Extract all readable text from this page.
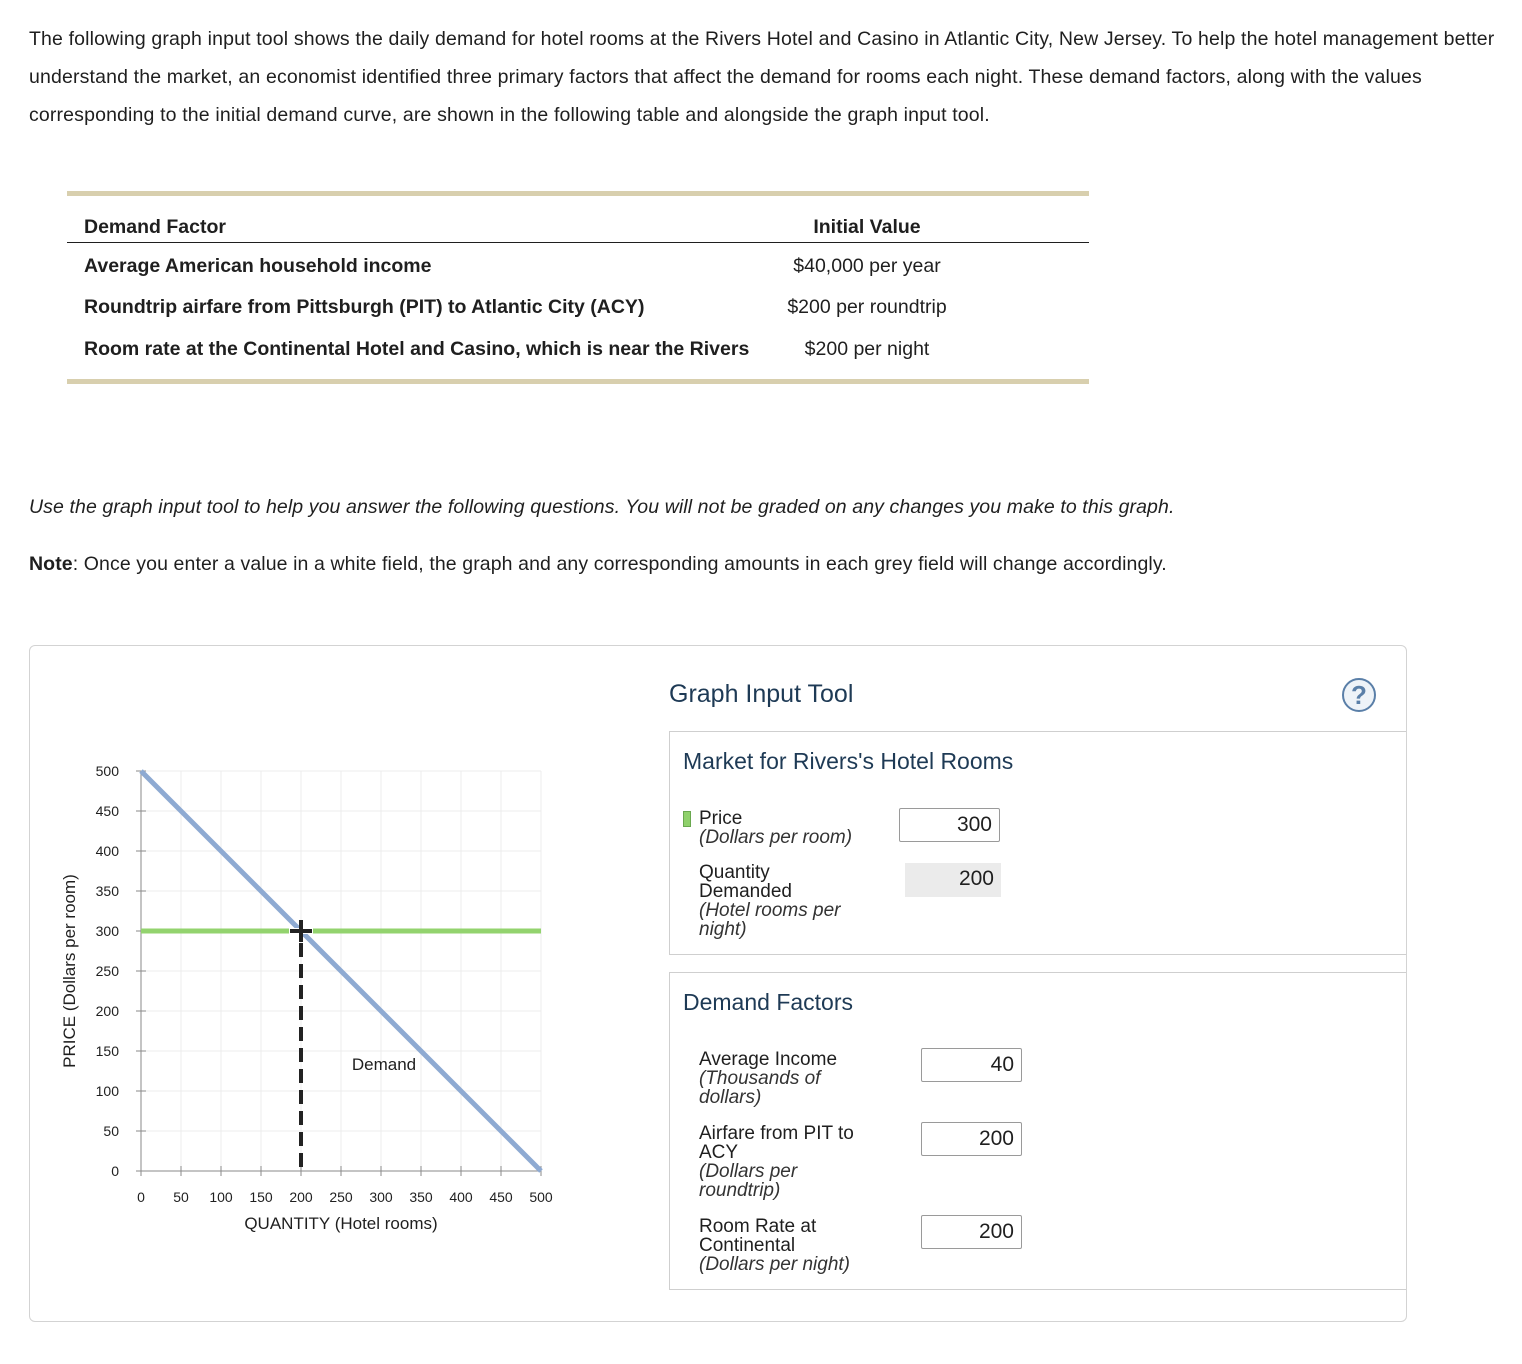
The following graph input tool shows the daily demand for hotel rooms at the Rivers Hotel and Casino in Atlantic City, New Jersey. To help the hotel management better understand the market, an economist identified three primary factors that affect the demand for rooms each night. These demand factors, along with the values corresponding to the initial demand curve, are shown in the following table and alongside the graph input tool.
Demand Factor	Initial Value
Average American household income	$40,000 per year
Roundtrip airfare from Pittsburgh (PIT) to Atlantic City (ACY)	$200 per roundtrip
Room rate at the Continental Hotel and Casino, which is near the Rivers	$200 per night
Use the graph input tool to help you answer the following questions. You will not be graded on any changes you make to this graph.
Note: Once you enter a value in a white field, the graph and any corresponding amounts in each grey field will change accordingly.
0
50
100
150
200
250
300
350
400
450
500
0 50 100 150 200 250 300 350 400 450 500
QUANTITY (Hotel rooms)
PRICE (Dollars per room)	Demand
Graph Input Tool	?
Market for Rivers's Hotel Rooms
Price
(Dollars per room)
300
Quantity
Demanded
(Hotel rooms per
night)
200
Demand Factors
Average Income
(Thousands of
dollars)
40
Airfare from PIT to
ACY
(Dollars per
roundtrip)
200
Room Rate at
Continental
(Dollars per night)
200
